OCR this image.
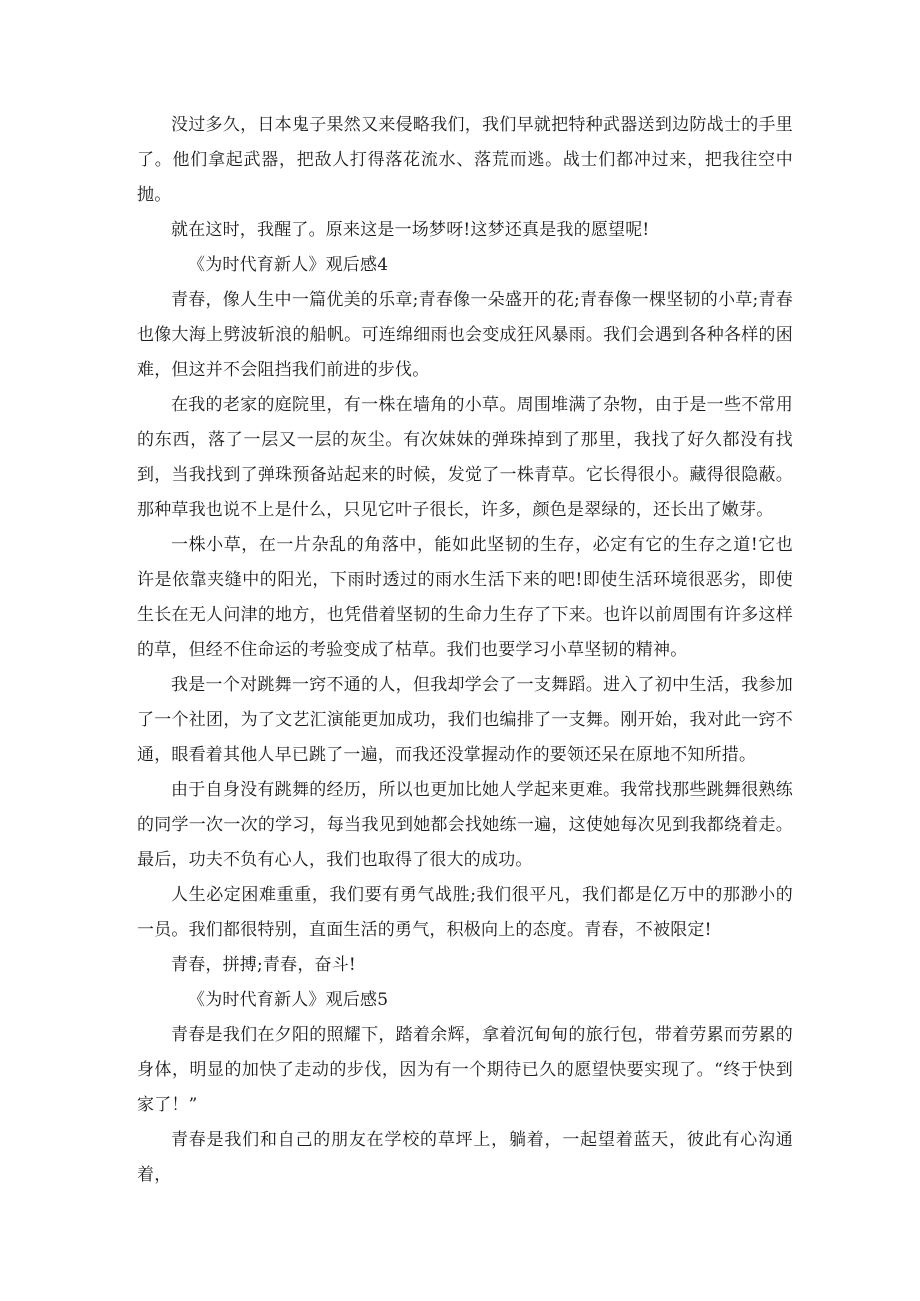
没过多久，日本鬼子果然又来侵略我们，我们早就把特种武器送到边防战士的手里了。他们拿起武器，把敌人打得落花流水、落荒而逃。战士们都冲过来，把我往空中抛。

就在这时，我醒了。原来这是一场梦呀!这梦还真是我的愿望呢!

《为时代育新人》观后感4

青春，像人生中一篇优美的乐章;青春像一朵盛开的花;青春像一棵坚韧的小草;青春也像大海上劈波斩浪的船帆。可连绵细雨也会变成狂风暴雨。我们会遇到各种各样的困难，但这并不会阻挡我们前进的步伐。

在我的老家的庭院里，有一株在墙角的小草。周围堆满了杂物，由于是一些不常用的东西，落了一层又一层的灰尘。有次妹妹的弹珠掉到了那里，我找了好久都没有找到，当我找到了弹珠预备站起来的时候，发觉了一株青草。它长得很小。藏得很隐蔽。那种草我也说不上是什么，只见它叶子很长，许多，颜色是翠绿的，还长出了嫩芽。

一株小草，在一片杂乱的角落中，能如此坚韧的生存，必定有它的生存之道!它也许是依靠夹缝中的阳光，下雨时透过的雨水生活下来的吧!即使生活环境很恶劣，即使生长在无人问津的地方，也凭借着坚韧的生命力生存了下来。也许以前周围有许多这样的草，但经不住命运的考验变成了枯草。我们也要学习小草坚韧的精神。

我是一个对跳舞一窍不通的人，但我却学会了一支舞蹈。进入了初中生活，我参加了一个社团，为了文艺汇演能更加成功，我们也编排了一支舞。刚开始，我对此一窍不通，眼看着其他人早已跳了一遍，而我还没掌握动作的要领还呆在原地不知所措。

由于自身没有跳舞的经历，所以也更加比她人学起来更难。我常找那些跳舞很熟练的同学一次一次的学习，每当我见到她都会找她练一遍，这使她每次见到我都绕着走。最后，功夫不负有心人，我们也取得了很大的成功。

人生必定困难重重，我们要有勇气战胜;我们很平凡，我们都是亿万中的那渺小的一员。我们都很特别，直面生活的勇气，积极向上的态度。青春，不被限定!

青春，拼搏;青春，奋斗!

《为时代育新人》观后感5

青春是我们在夕阳的照耀下，踏着余辉，拿着沉甸甸的旅行包，带着劳累而劳累的身体，明显的加快了走动的步伐，因为有一个期待已久的愿望快要实现了。“终于快到家了！”

青春是我们和自己的朋友在学校的草坪上，躺着，一起望着蓝天，彼此有心沟通着，
